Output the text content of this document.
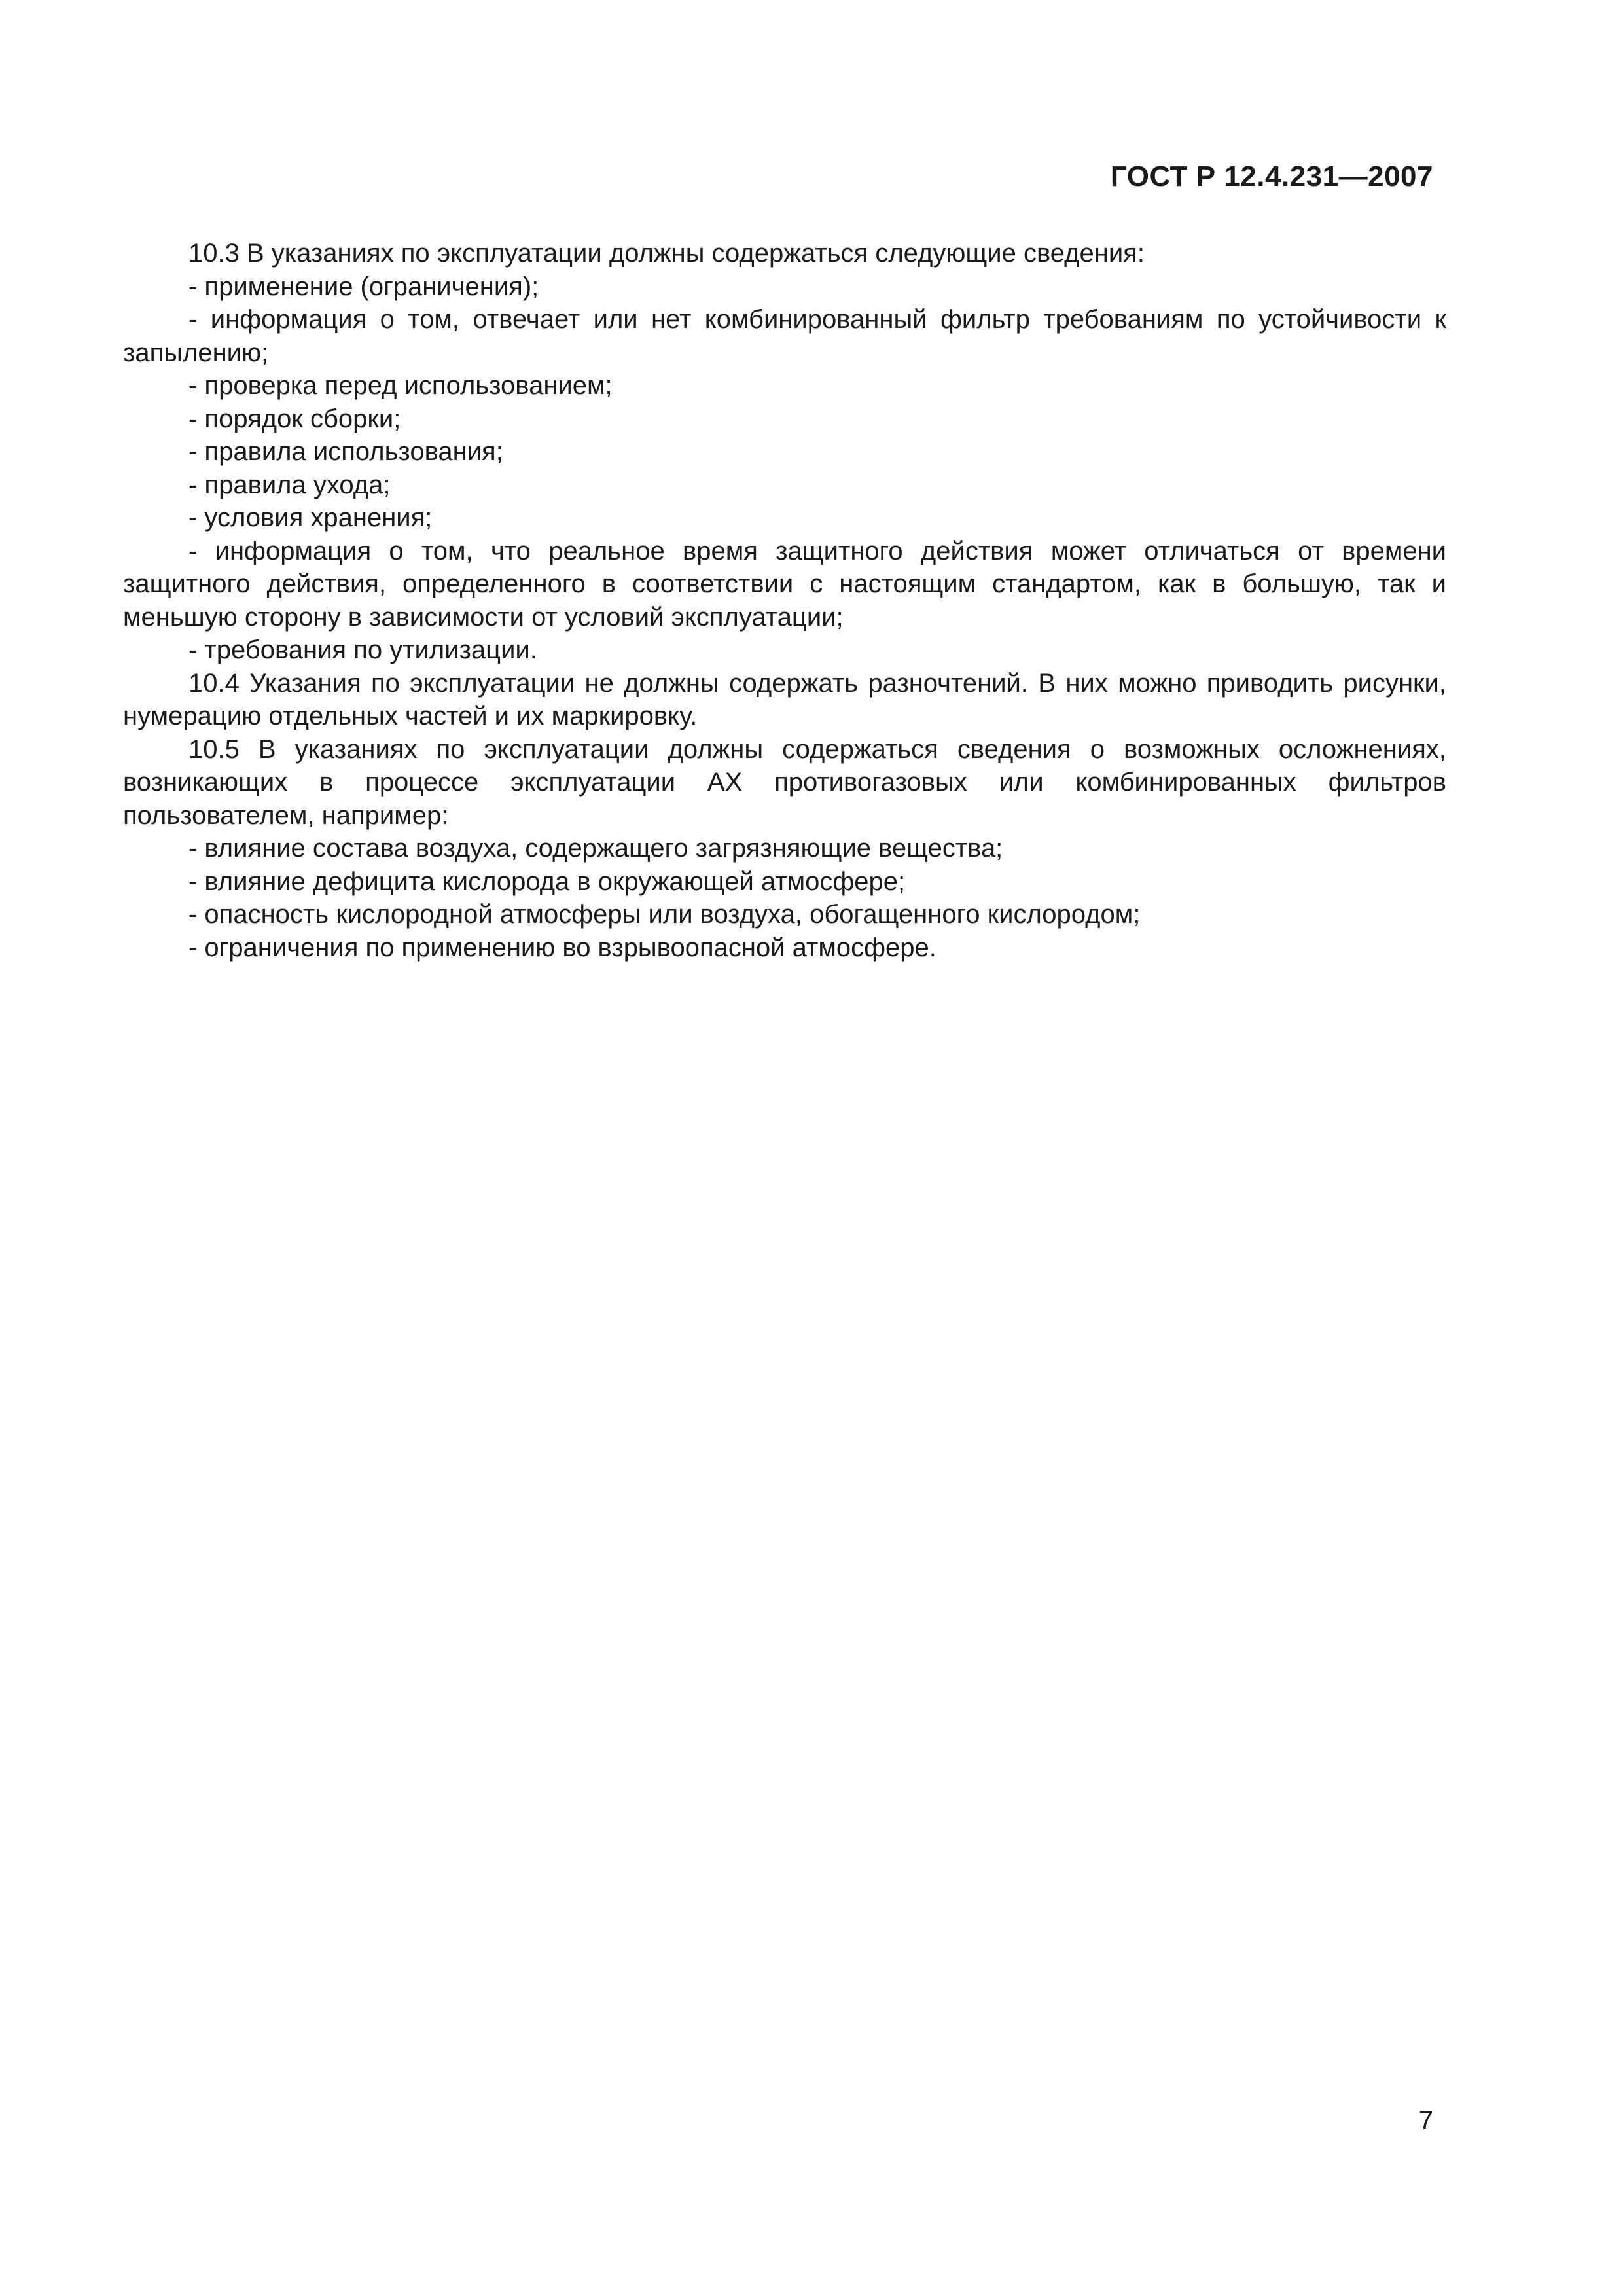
ГОСТ Р 12.4.231—2007

10.3 В указаниях по эксплуатации должны содержаться следующие сведения:

- применение (ограничения);

- информация о том, отвечает или нет комбинированный фильтр требованиям по устойчивости к запылению;

- проверка перед использованием;

- порядок сборки;

- правила использования;

- правила ухода;

- условия хранения;

- информация о том, что реальное время защитного действия может отличаться от времени защитного действия, определенного в соответствии с настоящим стандартом, как в большую, так и меньшую сторону в зависимости от условий эксплуатации;

- требования по утилизации.

10.4 Указания по эксплуатации не должны содержать разночтений. В них можно приводить рисунки, нумерацию отдельных частей и их маркировку.

10.5 В указаниях по эксплуатации должны содержаться сведения о возможных осложнениях, возникающих в процессе эксплуатации АХ противогазовых или комбинированных фильтров пользователем, например:

- влияние состава воздуха, содержащего загрязняющие вещества;

- влияние дефицита кислорода в окружающей атмосфере;

- опасность кислородной атмосферы или воздуха, обогащенного кислородом;

- ограничения по применению во взрывоопасной атмосфере.

7
